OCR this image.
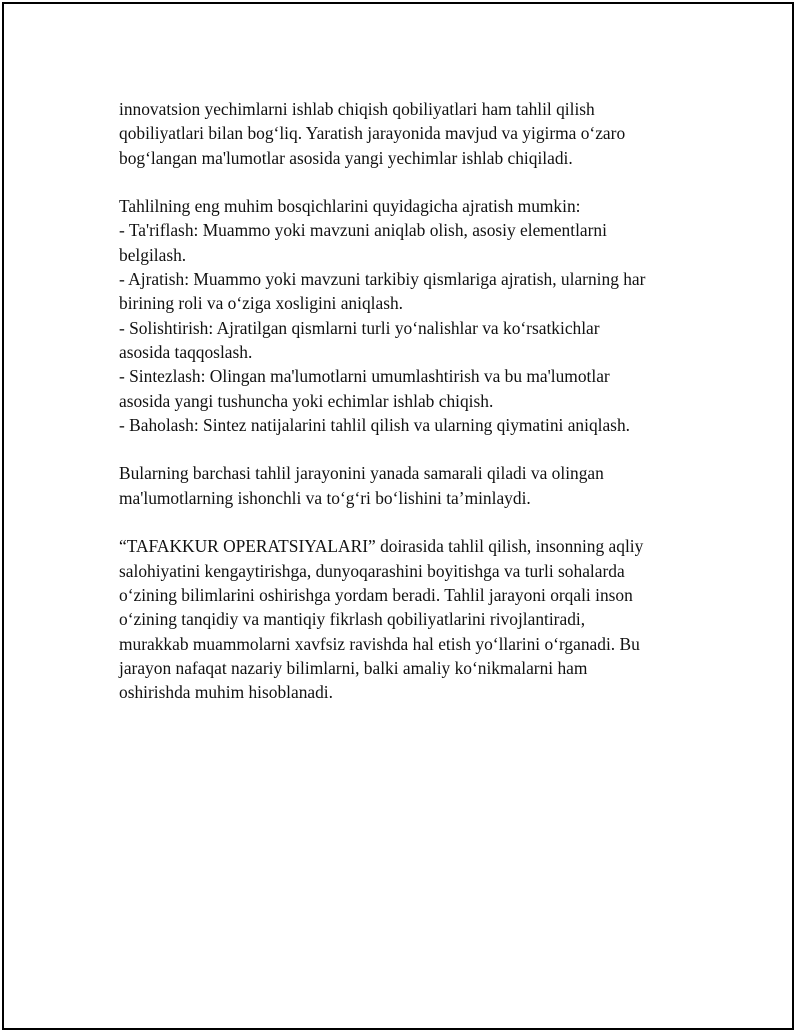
innovatsion yechimlarni ishlab chiqish qobiliyatlari ham tahlil qilish
qobiliyatlari bilan bog‘liq. Yaratish jarayonida mavjud va yigirma o‘zaro
bog‘langan ma'lumotlar asosida yangi yechimlar ishlab chiqiladi.
Tahlilning eng muhim bosqichlarini quyidagicha ajratish mumkin:
- Ta'riflash: Muammo yoki mavzuni aniqlab olish, asosiy elementlarni
belgilash.
- Ajratish: Muammo yoki mavzuni tarkibiy qismlariga ajratish, ularning har
birining roli va o‘ziga xosligini aniqlash.
- Solishtirish: Ajratilgan qismlarni turli yo‘nalishlar va ko‘rsatkichlar
asosida taqqoslash.
- Sintezlash: Olingan ma'lumotlarni umumlashtirish va bu ma'lumotlar
asosida yangi tushuncha yoki echimlar ishlab chiqish.
- Baholash: Sintez natijalarini tahlil qilish va ularning qiymatini aniqlash.
Bularning barchasi tahlil jarayonini yanada samarali qiladi va olingan
ma'lumotlarning ishonchli va to‘g‘ri bo‘lishini ta’minlaydi.
“TAFAKKUR OPERATSIYALARI” doirasida tahlil qilish, insonning aqliy
salohiyatini kengaytirishga, dunyoqarashini boyitishga va turli sohalarda
o‘zining bilimlarini oshirishga yordam beradi. Tahlil jarayoni orqali inson
o‘zining tanqidiy va mantiqiy fikrlash qobiliyatlarini rivojlantiradi,
murakkab muammolarni xavfsiz ravishda hal etish yo‘llarini o‘rganadi. Bu
jarayon nafaqat nazariy bilimlarni, balki amaliy ko‘nikmalarni ham
oshirishda muhim hisoblanadi.
